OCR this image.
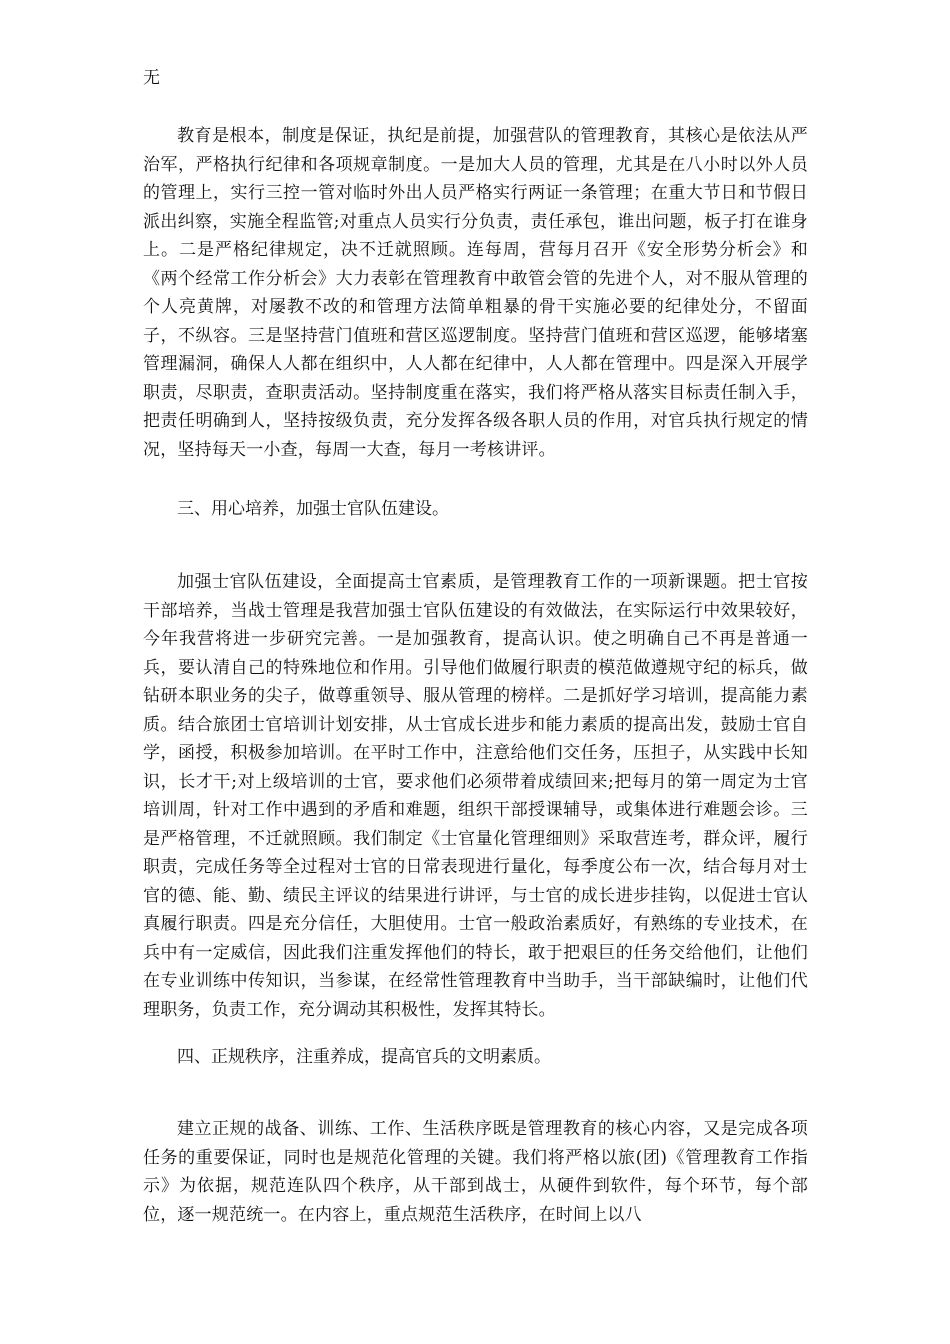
无

教育是根本，制度是保证，执纪是前提，加强营队的管理教育，其核心是依法从严治军，严格执行纪律和各项规章制度。一是加大人员的管理，尤其是在八小时以外人员的管理上，实行三控一管对临时外出人员严格实行两证一条管理；在重大节日和节假日派出纠察，实施全程监管;对重点人员实行分负责，责任承包，谁出问题，板子打在谁身上。二是严格纪律规定，决不迁就照顾。连每周，营每月召开《安全形势分析会》和《两个经常工作分析会》大力表彰在管理教育中敢管会管的先进个人，对不服从管理的个人亮黄牌，对屡教不改的和管理方法简单粗暴的骨干实施必要的纪律处分，不留面子，不纵容。三是坚持营门值班和营区巡逻制度。坚持营门值班和营区巡逻，能够堵塞管理漏洞，确保人人都在组织中，人人都在纪律中，人人都在管理中。四是深入开展学职责，尽职责，查职责活动。坚持制度重在落实，我们将严格从落实目标责任制入手，把责任明确到人，坚持按级负责，充分发挥各级各职人员的作用，对官兵执行规定的情况，坚持每天一小查，每周一大查，每月一考核讲评。

三、用心培养，加强士官队伍建设。

加强士官队伍建设，全面提高士官素质，是管理教育工作的一项新课题。把士官按干部培养，当战士管理是我营加强士官队伍建设的有效做法，在实际运行中效果较好，今年我营将进一步研究完善。一是加强教育，提高认识。使之明确自己不再是普通一兵，要认清自己的特殊地位和作用。引导他们做履行职责的模范做遵规守纪的标兵，做钻研本职业务的尖子，做尊重领导、服从管理的榜样。二是抓好学习培训，提高能力素质。结合旅团士官培训计划安排，从士官成长进步和能力素质的提高出发，鼓励士官自学，函授，积极参加培训。在平时工作中，注意给他们交任务，压担子，从实践中长知识，长才干;对上级培训的士官，要求他们必须带着成绩回来;把每月的第一周定为士官培训周，针对工作中遇到的矛盾和难题，组织干部授课辅导，或集体进行难题会诊。三是严格管理，不迁就照顾。我们制定《士官量化管理细则》采取营连考，群众评，履行职责，完成任务等全过程对士官的日常表现进行量化，每季度公布一次，结合每月对士官的德、能、勤、绩民主评议的结果进行讲评，与士官的成长进步挂钩，以促进士官认真履行职责。四是充分信任，大胆使用。士官一般政治素质好，有熟练的专业技术，在兵中有一定威信，因此我们注重发挥他们的特长，敢于把艰巨的任务交给他们，让他们在专业训练中传知识，当参谋，在经常性管理教育中当助手，当干部缺编时，让他们代理职务，负责工作，充分调动其积极性，发挥其特长。

四、正规秩序，注重养成，提高官兵的文明素质。

建立正规的战备、训练、工作、生活秩序既是管理教育的核心内容，又是完成各项任务的重要保证，同时也是规范化管理的关键。我们将严格以旅(团)《管理教育工作指示》为依据，规范连队四个秩序，从干部到战士，从硬件到软件，每个环节，每个部位，逐一规范统一。在内容上，重点规范生活秩序，在时间上以八
